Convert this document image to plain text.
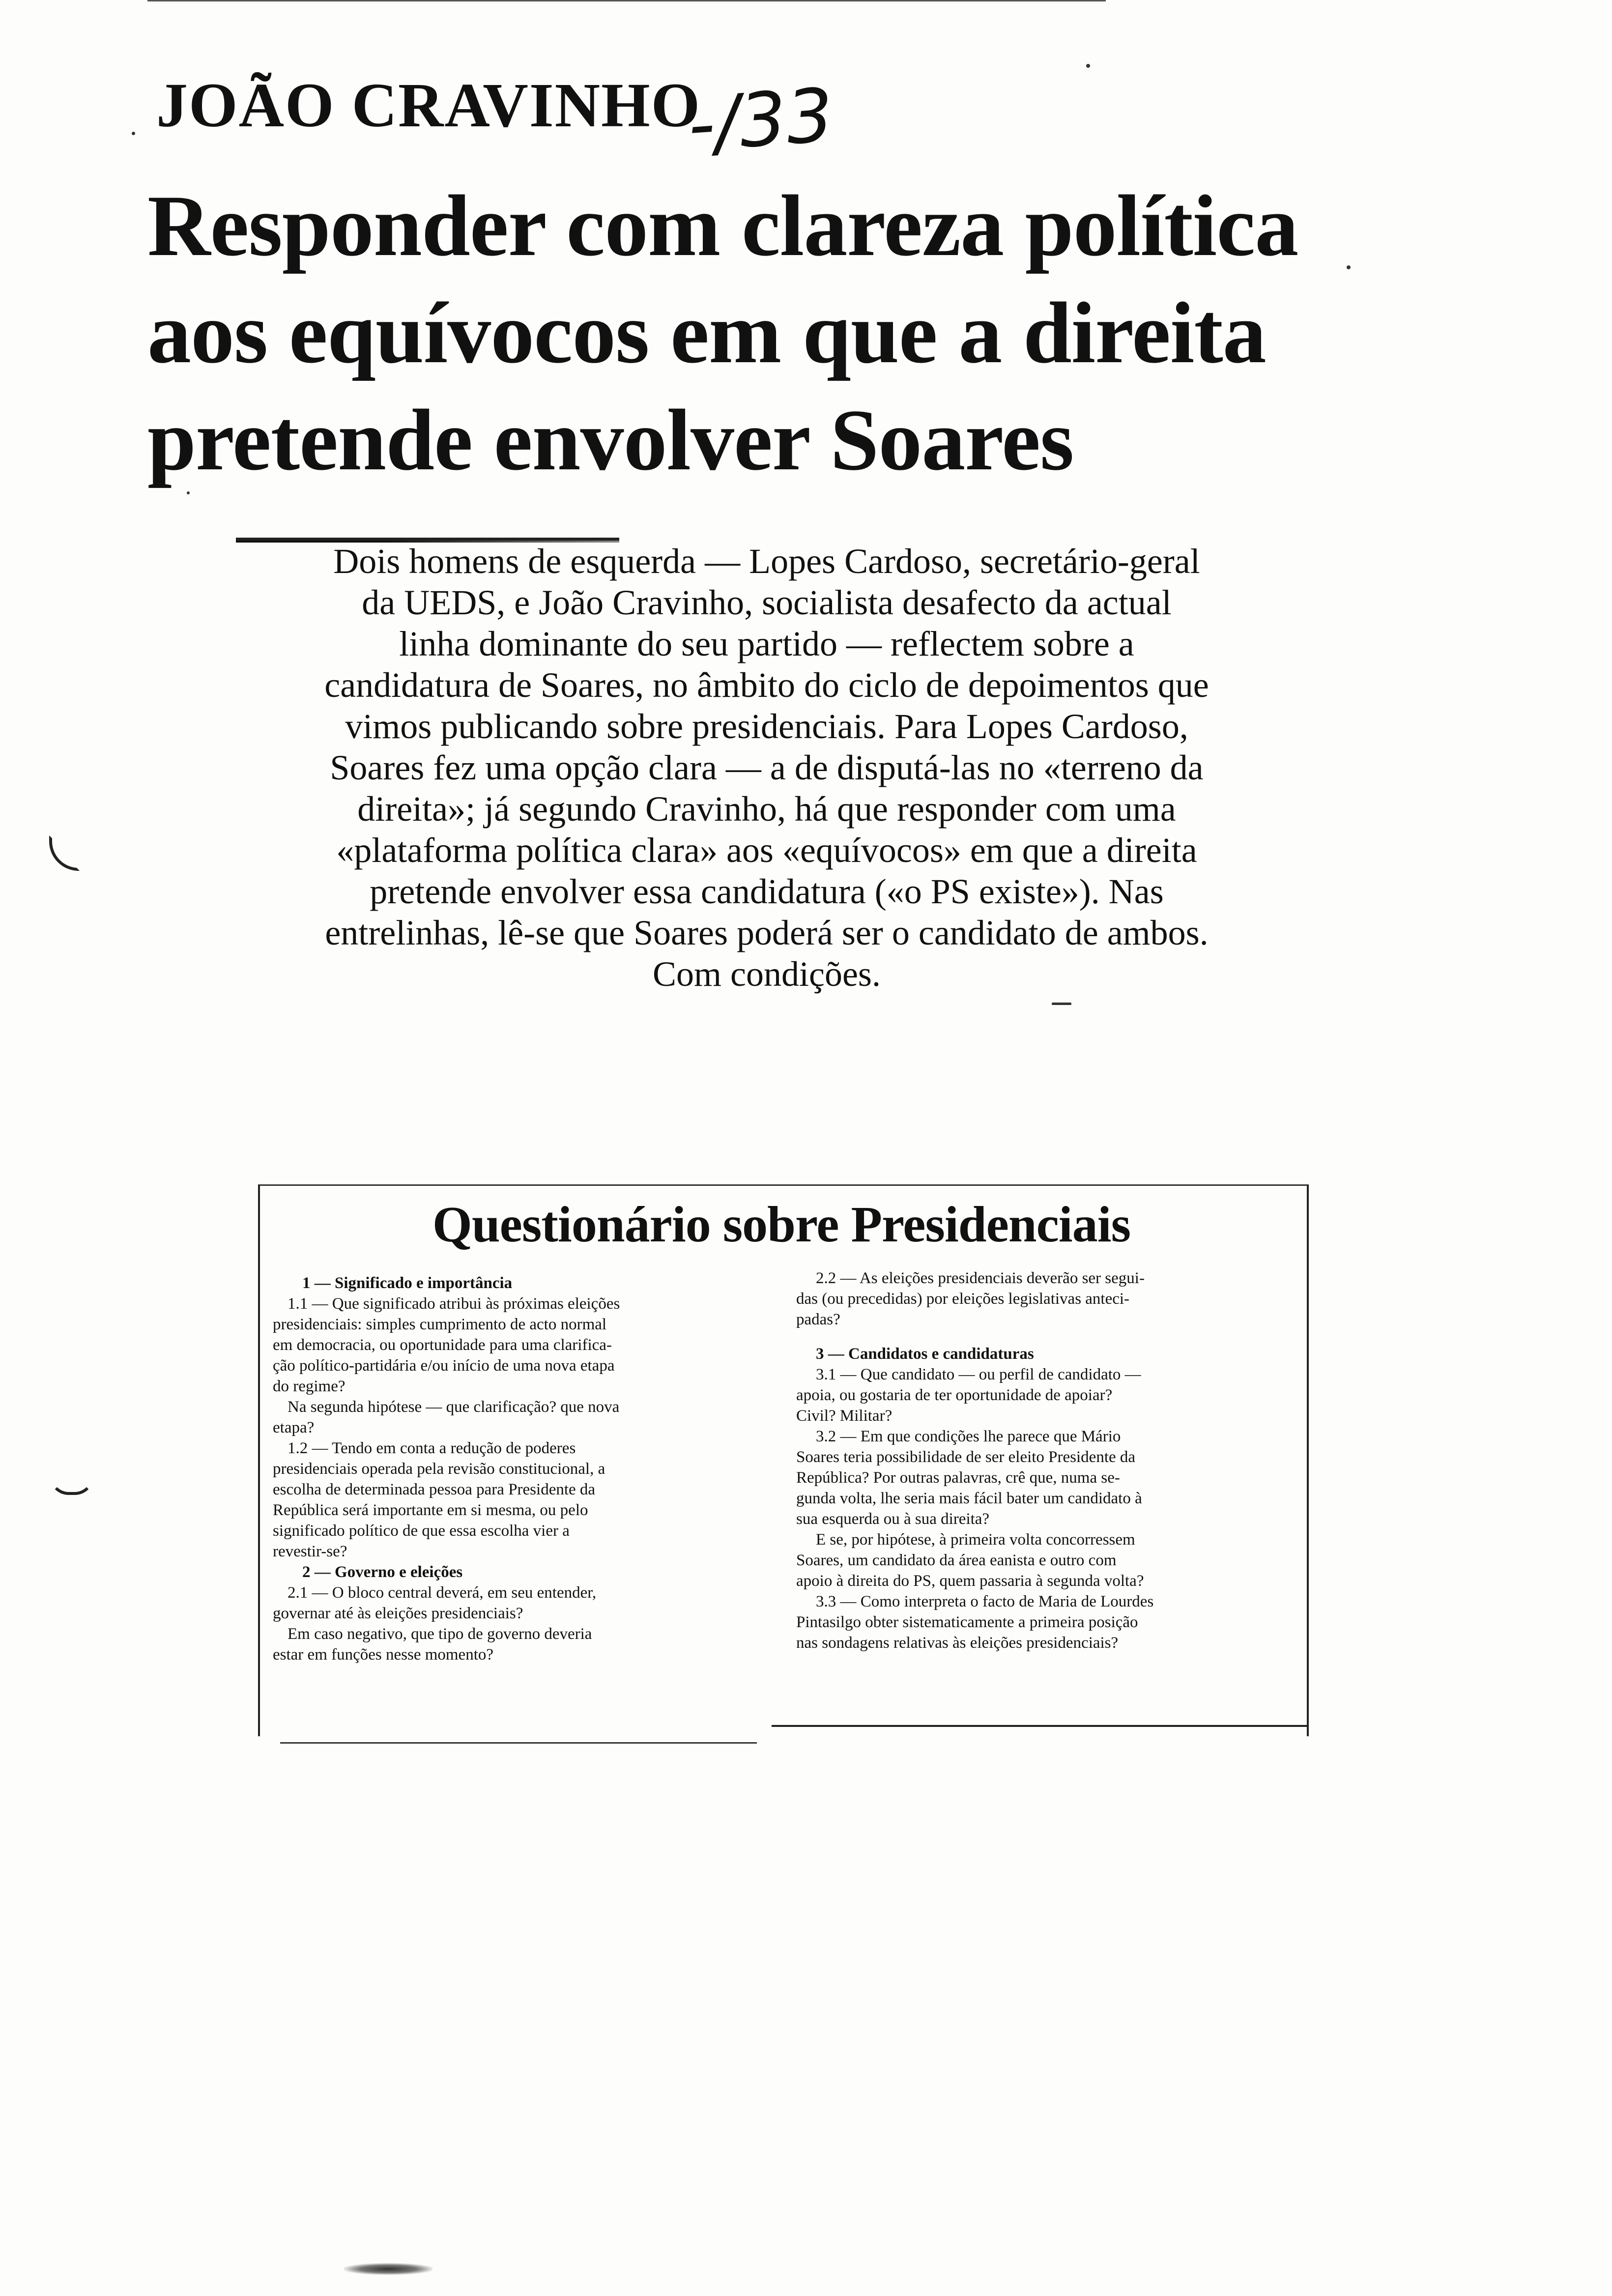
JOÃO CRAVINHO
-/33
Responder com clareza política
aos equívocos em que a direita
pretende envolver Soares
Dois homens de esquerda — Lopes Cardoso, secretário-geral
da UEDS, e João Cravinho, socialista desafecto da actual
linha dominante do seu partido — reflectem sobre a
candidatura de Soares, no âmbito do ciclo de depoimentos que
vimos publicando sobre presidenciais. Para Lopes Cardoso,
Soares fez uma opção clara — a de disputá-las no «terreno da
direita»; já segundo Cravinho, há que responder com uma
«plataforma política clara» aos «equívocos» em que a direita
pretende envolver essa candidatura («o PS existe»). Nas
entrelinhas, lê-se que Soares poderá ser o candidato de ambos.
Com condições.
Questionário sobre Presidenciais
1 — Significado e importância

1.1 — Que significado atribui às próximas eleições
presidenciais: simples cumprimento de acto normal
em democracia, ou oportunidade para uma clarifica-
ção político-partidária e/ou início de uma nova etapa
do regime?

Na segunda hipótese — que clarificação? que nova
etapa?

1.2 — Tendo em conta a redução de poderes
presidenciais operada pela revisão constitucional, a
escolha de determinada pessoa para Presidente da
República será importante em si mesma, ou pelo
significado político de que essa escolha vier a
revestir-se?

2 — Governo e eleições

2.1 — O bloco central deverá, em seu entender,
governar até às eleições presidenciais?

Em caso negativo, que tipo de governo deveria
estar em funções nesse momento?

2.2 — As eleições presidenciais deverão ser segui-
das (ou precedidas) por eleições legislativas anteci-
padas?

3 — Candidatos e candidaturas

3.1 — Que candidato — ou perfil de candidato —
apoia, ou gostaria de ter oportunidade de apoiar?
Civil? Militar?

3.2 — Em que condições lhe parece que Mário
Soares teria possibilidade de ser eleito Presidente da
República? Por outras palavras, crê que, numa se-
gunda volta, lhe seria mais fácil bater um candidato à
sua esquerda ou à sua direita?

E se, por hipótese, à primeira volta concorressem
Soares, um candidato da área eanista e outro com
apoio à direita do PS, quem passaria à segunda volta?

3.3 — Como interpreta o facto de Maria de Lourdes
Pintasilgo obter sistematicamente a primeira posição
nas sondagens relativas às eleições presidenciais?
